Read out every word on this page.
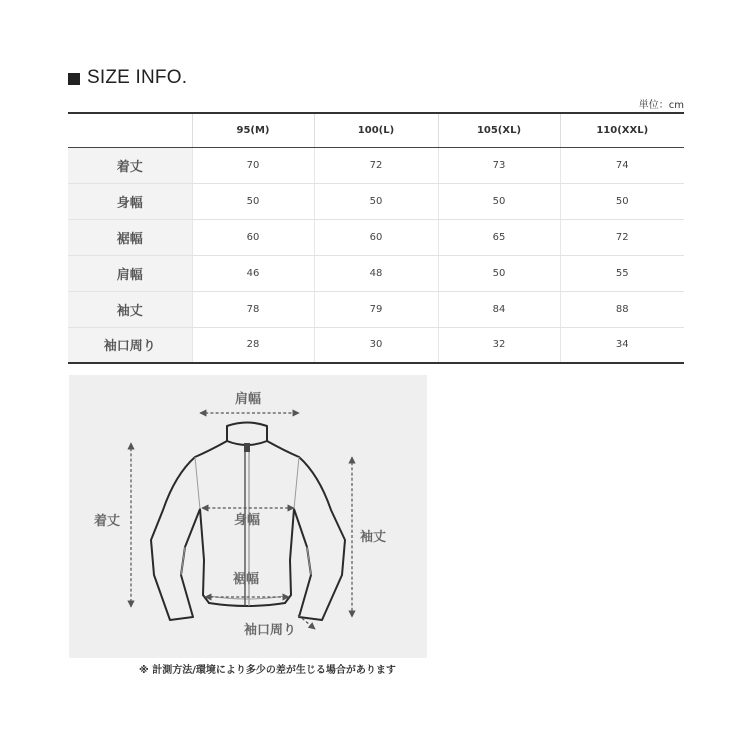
SIZE INFO.
単位：cm
	95(M)	100(L)	105(XL)	110(XXL)
着丈	70	72	73	74
身幅	50	50	50	50
裾幅	60	60	65	72
肩幅	46	48	50	55
袖丈	78	79	84	88
袖口周り	28	30	32	34
肩幅
着丈	身幅
袖丈
裾幅
袖口周り
※ 計測方法/環境により多少の差が生じる場合があります
